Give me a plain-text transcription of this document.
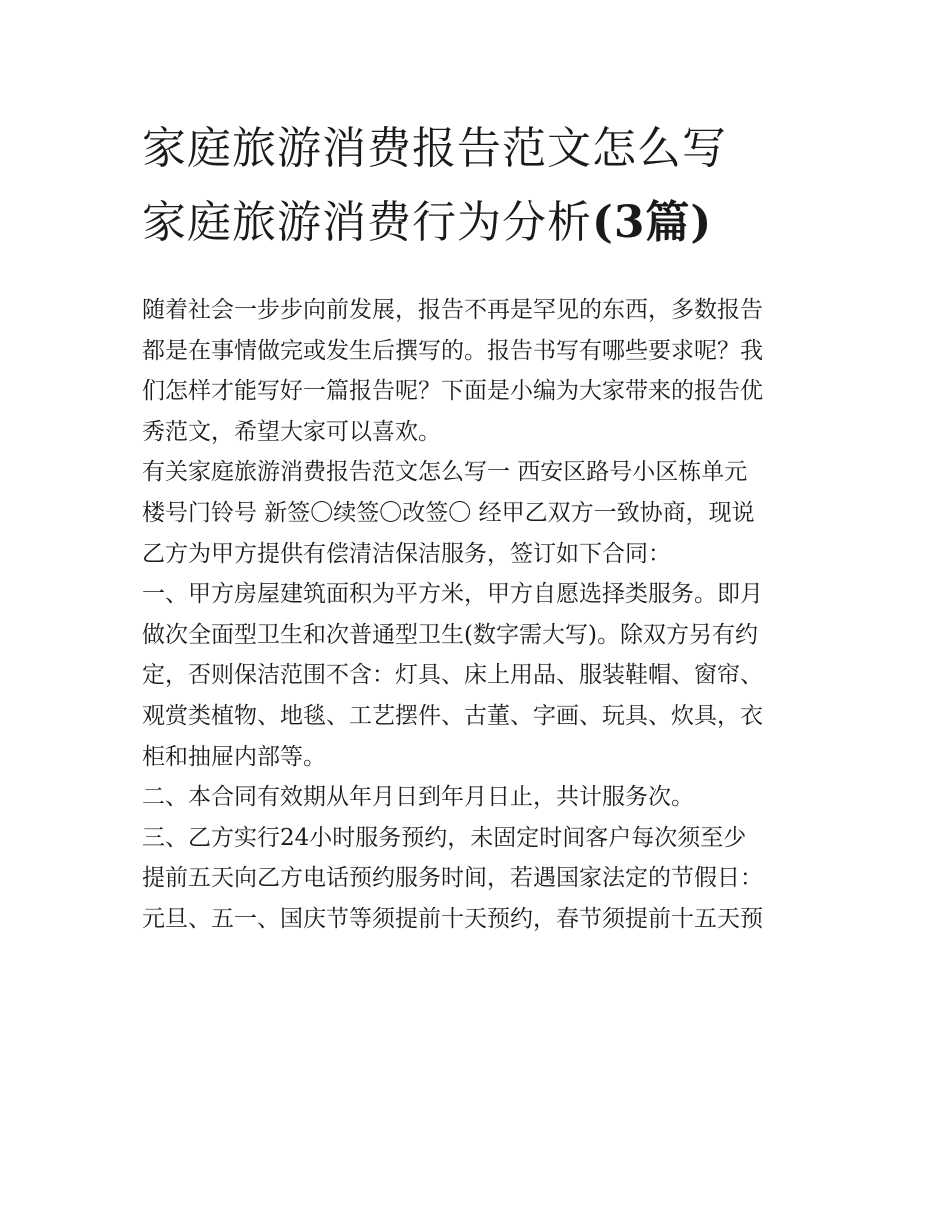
家庭旅游消费报告范文怎么写
家庭旅游消费行为分析(3篇)

随着社会一步步向前发展，报告不再是罕见的东西，多数报告
都是在事情做完或发生后撰写的。报告书写有哪些要求呢？我
们怎样才能写好一篇报告呢？下面是小编为大家带来的报告优
秀范文，希望大家可以喜欢。

有关家庭旅游消费报告范文怎么写一 西安区路号小区栋单元
楼号门铃号 新签〇续签〇改签〇 经甲乙双方一致协商，现说
乙方为甲方提供有偿清洁保洁服务，签订如下合同：

一、甲方房屋建筑面积为平方米，甲方自愿选择类服务。即月
做次全面型卫生和次普通型卫生(数字需大写)。除双方另有约
定，否则保洁范围不含：灯具、床上用品、服装鞋帽、窗帘、
观赏类植物、地毯、工艺摆件、古董、字画、玩具、炊具，衣
柜和抽屉内部等。

二、本合同有效期从年月日到年月日止，共计服务次。

三、乙方实行24小时服务预约，未固定时间客户每次须至少
提前五天向乙方电话预约服务时间，若遇国家法定的节假日：
元旦、五一、国庆节等须提前十天预约，春节须提前十五天预
